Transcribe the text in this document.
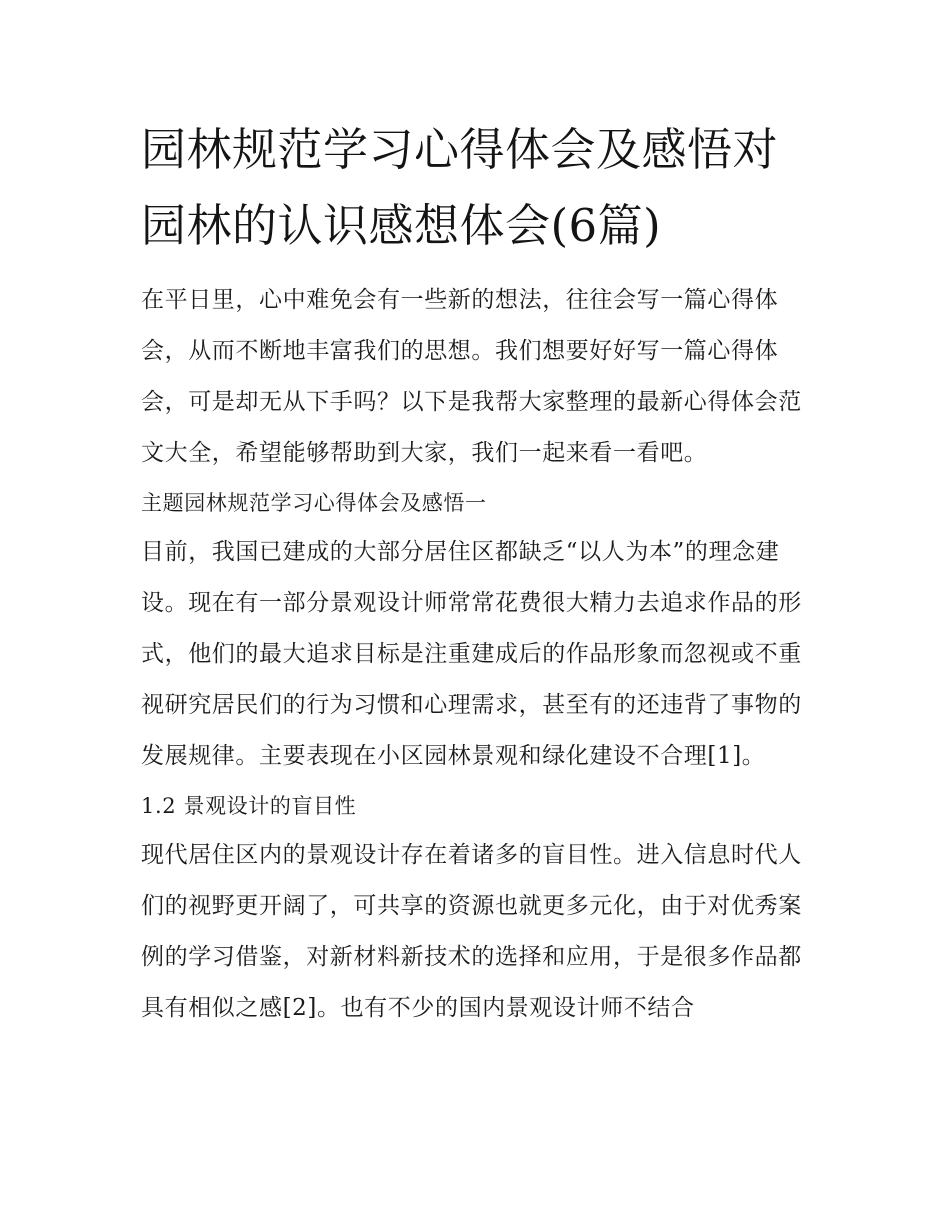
园林规范学习心得体会及感悟对园林的认识感想体会(6篇)

在平日里，心中难免会有一些新的想法，往往会写一篇心得体会，从而不断地丰富我们的思想。我们想要好好写一篇心得体会，可是却无从下手吗？以下是我帮大家整理的最新心得体会范文大全，希望能够帮助到大家，我们一起来看一看吧。

主题园林规范学习心得体会及感悟一

目前，我国已建成的大部分居住区都缺乏“以人为本”的理念建设。现在有一部分景观设计师常常花费很大精力去追求作品的形式，他们的最大追求目标是注重建成后的作品形象而忽视或不重视研究居民们的行为习惯和心理需求，甚至有的还违背了事物的发展规律。主要表现在小区园林景观和绿化建设不合理[1]。

1.2 景观设计的盲目性

现代居住区内的景观设计存在着诸多的盲目性。进入信息时代人们的视野更开阔了，可共享的资源也就更多元化，由于对优秀案例的学习借鉴，对新材料新技术的选择和应用，于是很多作品都具有相似之感[2]。也有不少的国内景观设计师不结合
